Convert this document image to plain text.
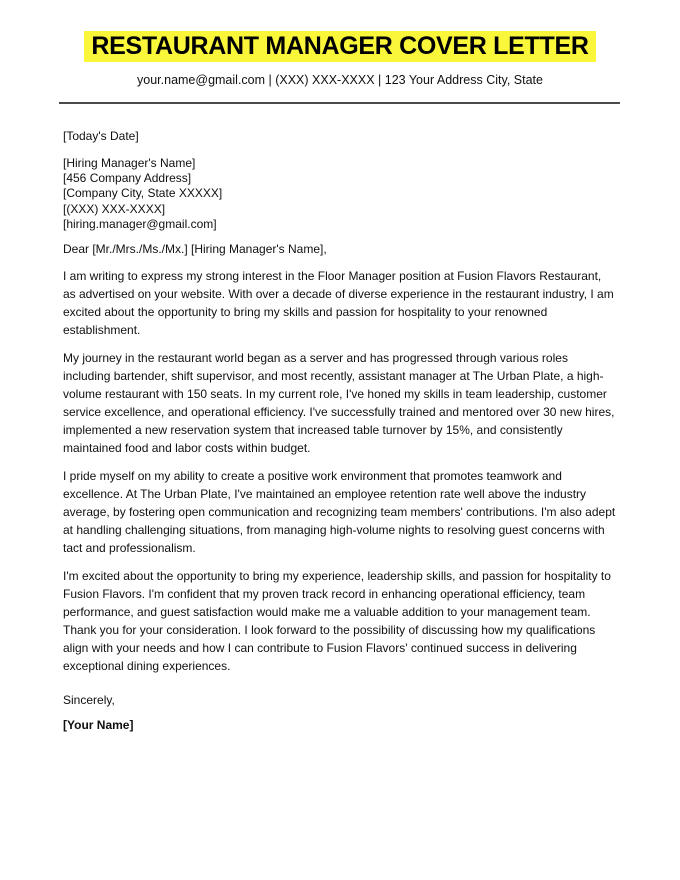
RESTAURANT MANAGER COVER LETTER

your.name@gmail.com | (XXX) XXX-XXXX | 123 Your Address City, State

[Today's Date]

[Hiring Manager's Name]

[456 Company Address]

[Company City, State XXXXX]

[(XXX) XXX-XXXX]

[hiring.manager@gmail.com]

Dear [Mr./Mrs./Ms./Mx.] [Hiring Manager's Name],

I am writing to express my strong interest in the Floor Manager position at Fusion Flavors Restaurant, as advertised on your website. With over a decade of diverse experience in the restaurant industry, I am excited about the opportunity to bring my skills and passion for hospitality to your renowned establishment.

My journey in the restaurant world began as a server and has progressed through various roles including bartender, shift supervisor, and most recently, assistant manager at The Urban Plate, a high-volume restaurant with 150 seats. In my current role, I've honed my skills in team leadership, customer service excellence, and operational efficiency. I've successfully trained and mentored over 30 new hires, implemented a new reservation system that increased table turnover by 15%, and consistently maintained food and labor costs within budget.

I pride myself on my ability to create a positive work environment that promotes teamwork and excellence. At The Urban Plate, I've maintained an employee retention rate well above the industry average, by fostering open communication and recognizing team members' contributions. I'm also adept at handling challenging situations, from managing high-volume nights to resolving guest concerns with tact and professionalism.

I'm excited about the opportunity to bring my experience, leadership skills, and passion for hospitality to Fusion Flavors. I'm confident that my proven track record in enhancing operational efficiency, team performance, and guest satisfaction would make me a valuable addition to your management team. Thank you for your consideration. I look forward to the possibility of discussing how my qualifications align with your needs and how I can contribute to Fusion Flavors' continued success in delivering exceptional dining experiences.

Sincerely,

[Your Name]
